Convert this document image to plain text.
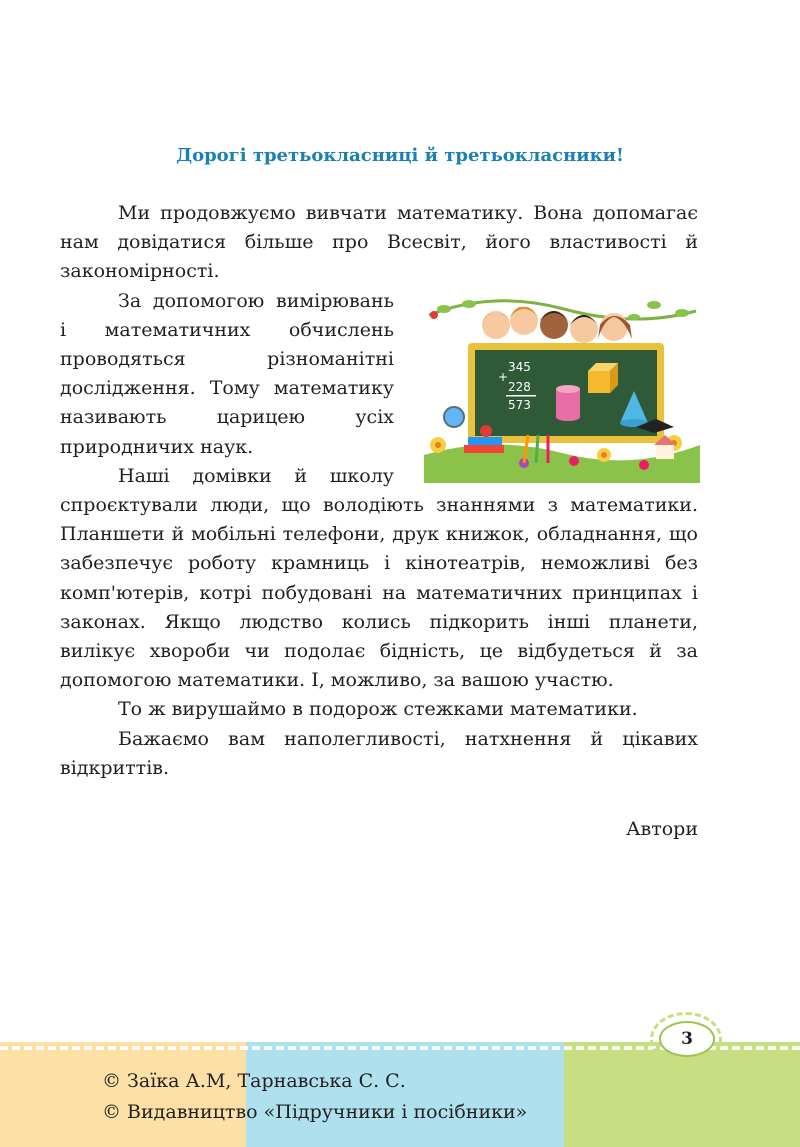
Дорогі третьокласниці й третьокласники!

Ми продовжуємо вивчати математику. Вона допомагає нам довідатися більше про Всесвіт, його властивості й закономірності.

345
+
228
573

За допомогою вимірювань і математичних обчислень проводяться різноманітні дослідження. Тому математику називають царицею усіх природничих наук.

Наші домівки й школу спроєктували люди, що володіють знаннями з математики. Планшети й мобільні телефони, друк книжок, обладнання, що забезпечує роботу крамниць і кінотеатрів, неможливі без комп'ютерів, котрі побудовані на математичних принципах і законах. Якщо людство колись підкорить інші планети, вилікує хвороби чи подолає бідність, це відбудеться й за допомогою математики. І, можливо, за вашою участю.

То ж вирушаймо в подорож стежками математики.

Бажаємо вам наполегливості, натхнення й цікавих відкриттів.

Автори
3
© Заїка А.М, Тарнавська С. С.
© Видавництво «Підручники і посібники»
